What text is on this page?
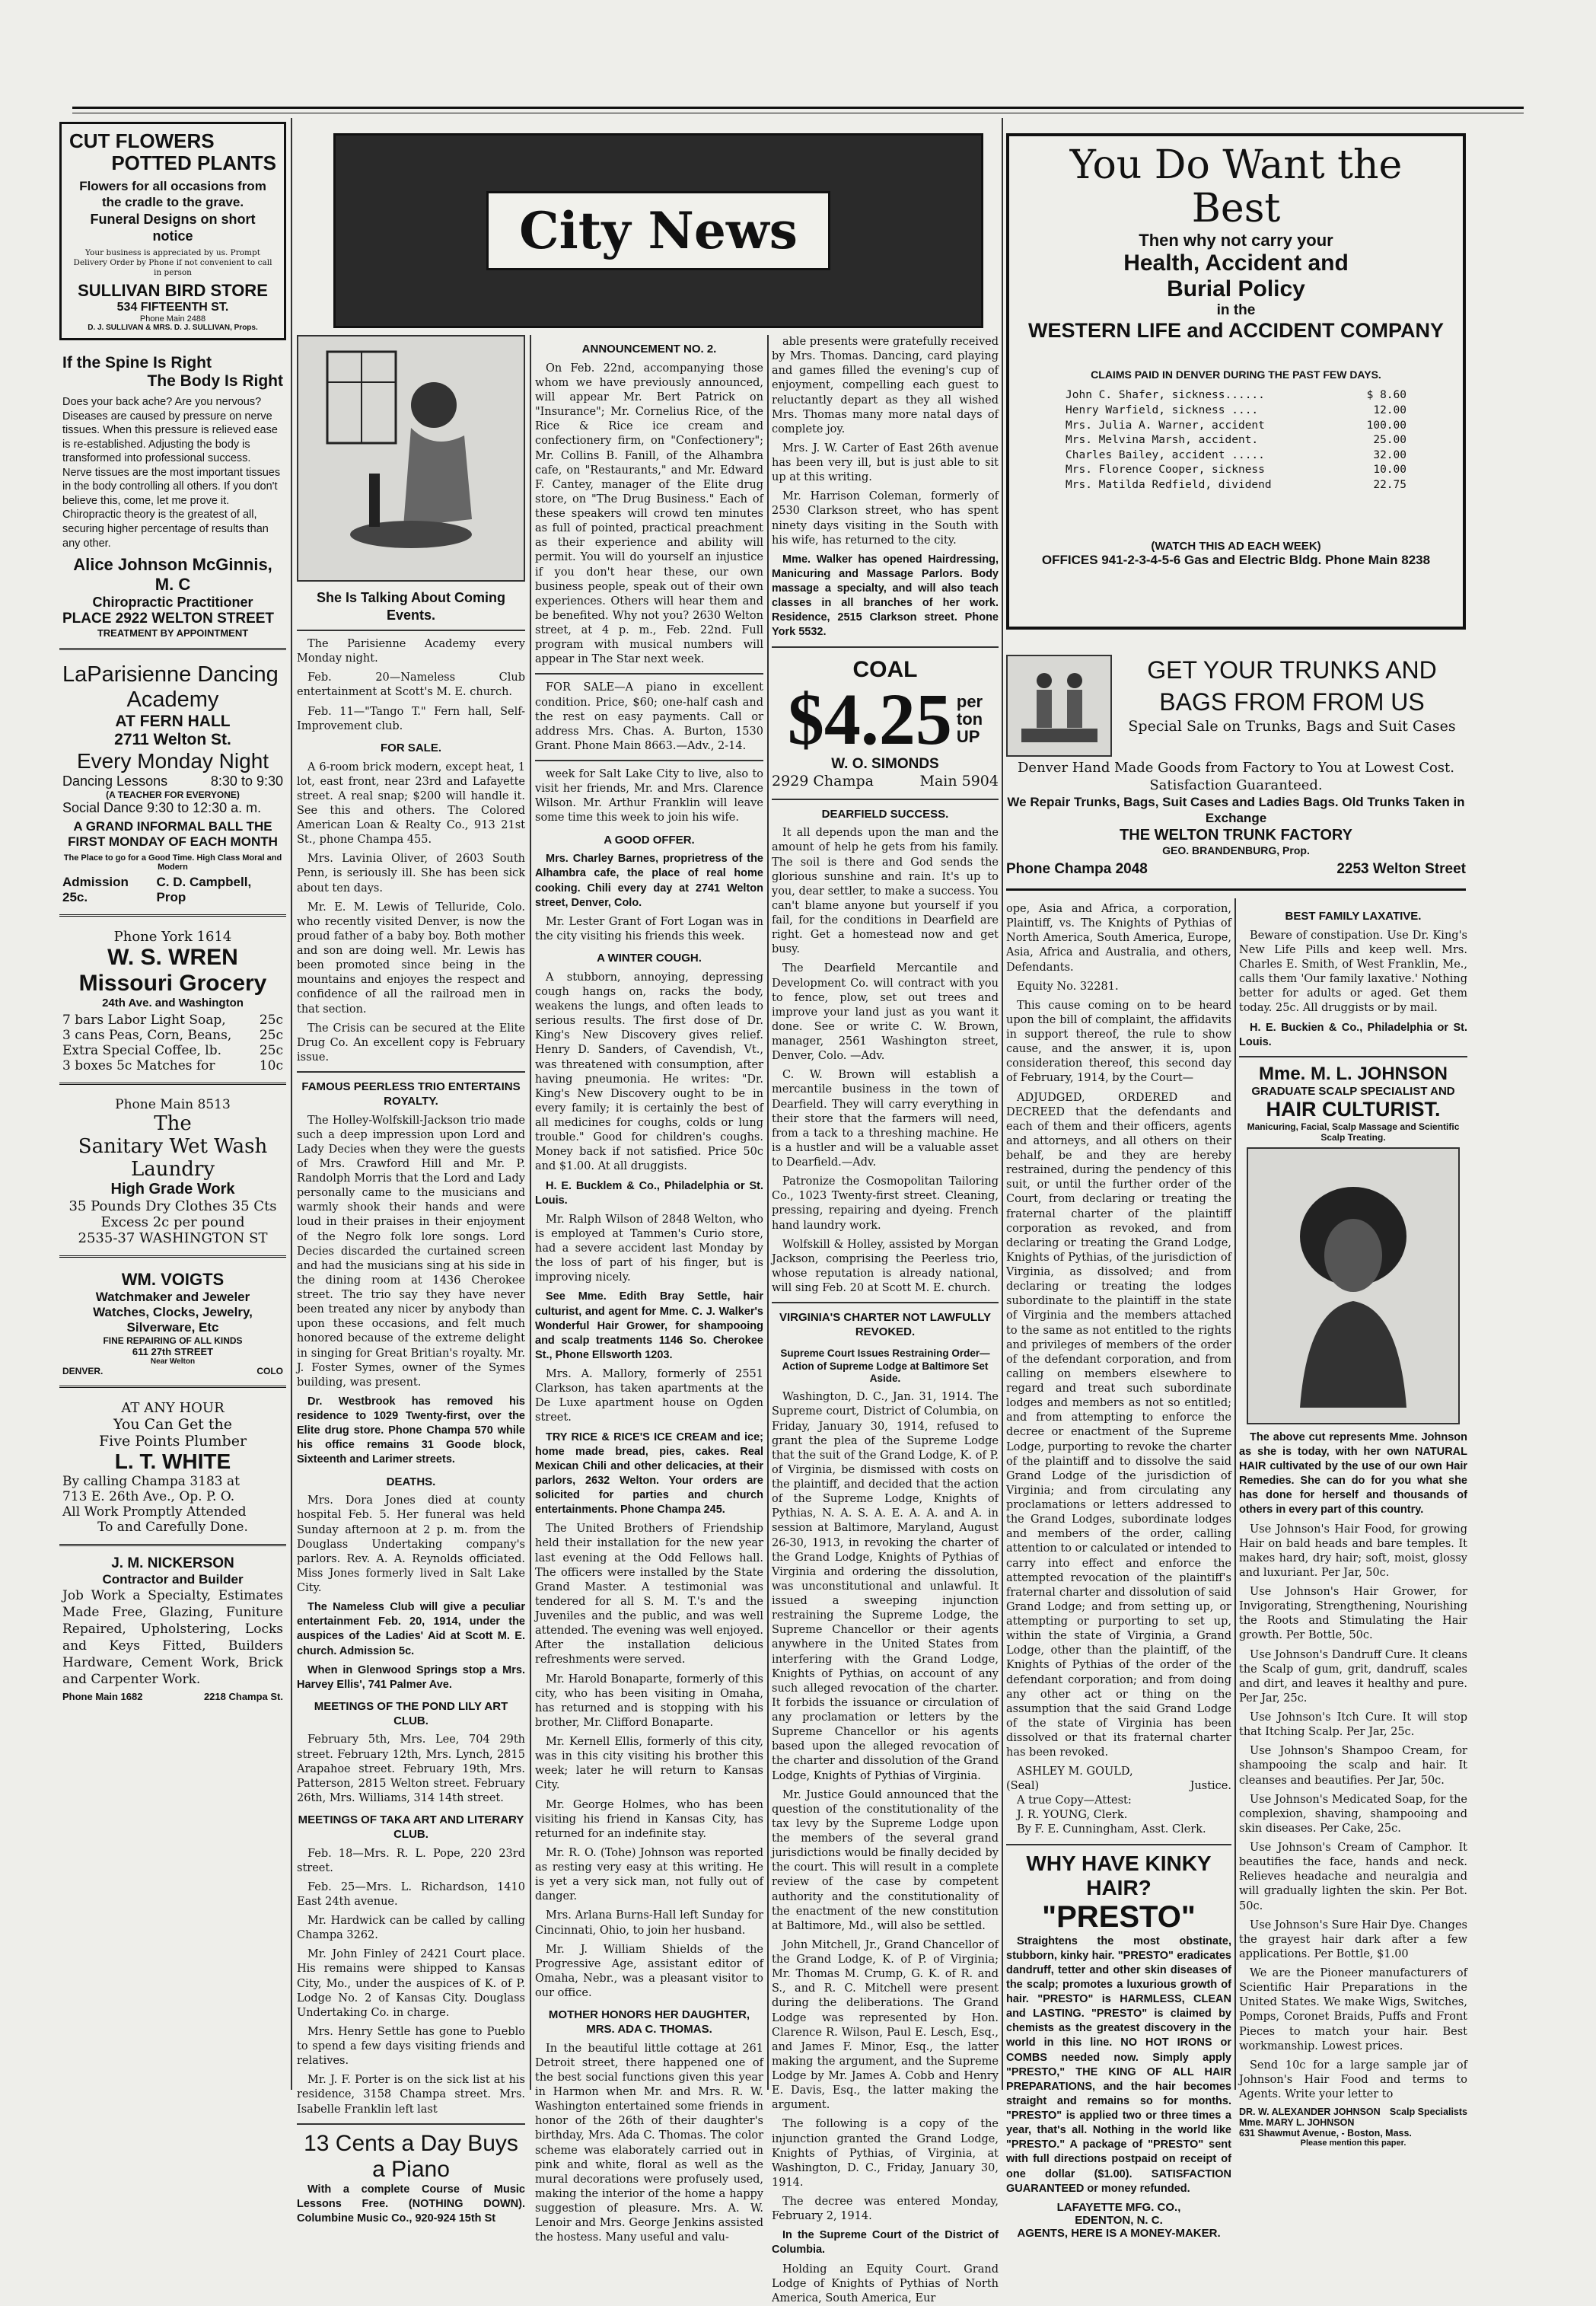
City News
CUT FLOWERS
POTTED PLANTS
Flowers for all occasions from the cradle to the grave.
Funeral Designs on short notice
Your business is appreciated by us. Prompt Delivery Order by Phone if not convenient to call in person
SULLIVAN BIRD STORE
534 FIFTEENTH ST.
Phone Main 2488
D. J. SULLIVAN & MRS. D. J. SULLIVAN, Props.
If the Spine Is Right
The Body Is Right
Does your back ache? Are you nervous? Diseases are caused by pressure on nerve tissues. When this pressure is relieved ease is re-established. Adjusting the body is transformed into professional success. Nerve tissues are the most important tissues in the body controlling all others. If you don't believe this, come, let me prove it. Chiropractic theory is the greatest of all, securing higher percentage of results than any other.
Alice Johnson McGinnis, M. C
Chiropractic Practitioner
PLACE 2922 WELTON STREET
TREATMENT BY APPOINTMENT
LaParisienne Dancing
Academy
AT FERN HALL
2711 Welton St.
Every Monday Night
Dancing Lessons	8:30 to 9:30
(A TEACHER FOR EVERYONE)
Social Dance 9:30 to 12:30 a. m.
A GRAND INFORMAL BALL THE FIRST MONDAY OF EACH MONTH
The Place to go for a Good Time. High Class Moral and Modern
Admission 25c.
C. D. Campbell, Prop
Phone York 1614
W. S. WREN
Missouri Grocery
24th Ave. and Washington
7 bars Labor Light Soap,	25c
3 cans Peas, Corn, Beans, 25c
Extra Special Coffee, lb.	25c
3 boxes 5c Matches for	10c
Phone Main 8513
The
Sanitary Wet Wash
Laundry
High Grade Work
35 Pounds Dry Clothes 35 Cts
Excess 2c per pound
2535-37 WASHINGTON ST
WM. VOIGTS
Watchmaker and Jeweler
Watches, Clocks, Jewelry,
Silverware, Etc
FINE REPAIRING OF ALL KINDS
611 27th STREET
Near Welton
DENVER.	COLO
AT ANY HOUR
You Can Get the
Five Points Plumber
L. T. WHITE
By calling Champa 3183 at
713 E. 26th Ave., Op. P. O.
All Work Promptly Attended
To and Carefully Done.
J. M. NICKERSON
Contractor and Builder
Job Work a Specialty, Estimates Made Free, Glazing, Funiture Repaired, Upholstering, Locks and Keys Fitted, Builders Hardware, Cement Work, Brick and Carpenter Work.
Phone Main 1682	2218 Champa St.
She Is Talking About Coming Events.

The Parisienne Academy every Monday night.

Feb. 20—Nameless Club entertainment at Scott's M. E. church.

Feb. 11—"Tango T." Fern hall, Self-Improvement club.

FOR SALE.

A 6-room brick modern, except heat, 1 lot, east front, near 23rd and Lafayette street. A real snap; $200 will handle it. See this and others. The Colored American Loan & Realty Co., 913 21st St., phone Champa 455.

Mrs. Lavinia Oliver, of 2603 South Penn, is seriously ill. She has been sick about ten days.

Mr. E. M. Lewis of Telluride, Colo. who recently visited Denver, is now the proud father of a baby boy. Both mother and son are doing well. Mr. Lewis has been promoted since being in the mountains and enjoyes the respect and confidence of all the railroad men in that section.

The Crisis can be secured at the Elite Drug Co. An excellent copy is February issue.

FAMOUS PEERLESS TRIO ENTERTAINS ROYALTY.

The Holley-Wolfskill-Jackson trio made such a deep impression upon Lord and Lady Decies when they were the guests of Mrs. Crawford Hill and Mr. P. Randolph Morris that the Lord and Lady personally came to the musicians and warmly shook their hands and were loud in their praises in their enjoyment of the Negro folk lore songs. Lord Decies discarded the curtained screen and had the musicians sing at his side in the dining room at 1436 Cherokee street. The trio say they have never been treated any nicer by anybody than upon these occasions, and felt much honored because of the extreme delight in singing for Great Britian's royalty. Mr. J. Foster Symes, owner of the Symes building, was present.

Dr. Westbrook has removed his residence to 1029 Twenty-first, over the Elite drug store. Phone Champa 570 while his office remains 31 Goode block, Sixteenth and Larimer streets.

DEATHS.

Mrs. Dora Jones died at county hospital Feb. 5. Her funeral was held Sunday afternoon at 2 p. m. from the Douglass Undertaking company's parlors. Rev. A. A. Reynolds officiated. Miss Jones formerly lived in Salt Lake City.

The Nameless Club will give a peculiar entertainment Feb. 20, 1914, under the auspices of the Ladies' Aid at Scott M. E. church. Admission 5c.

When in Glenwood Springs stop a Mrs. Harvey Ellis', 741 Palmer Ave.

MEETINGS OF THE POND LILY ART CLUB.

February 5th, Mrs. Lee, 704 29th street. February 12th, Mrs. Lynch, 2815 Arapahoe street. February 19th, Mrs. Patterson, 2815 Welton street. February 26th, Mrs. Williams, 314 14th street.

MEETINGS OF TAKA ART AND LITERARY CLUB.

Feb. 18—Mrs. R. L. Pope, 220 23rd street.

Feb. 25—Mrs. L. Richardson, 1410 East 24th avenue.

Mr. Hardwick can be called by calling Champa 3262.

Mr. John Finley of 2421 Court place. His remains were shipped to Kansas City, Mo., under the auspices of K. of P. Lodge No. 2 of Kansas City. Douglass Undertaking Co. in charge.

Mrs. Henry Settle has gone to Pueblo to spend a few days visiting friends and relatives.

Mr. J. F. Porter is on the sick list at his residence, 3158 Champa street. Mrs. Isabelle Franklin left last

13 Cents a Day Buys
a Piano

With a complete Course of Music Lessons Free. (NOTHING DOWN). Columbine Music Co., 920-924 15th St

ANNOUNCEMENT NO. 2.

On Feb. 22nd, accompanying those whom we have previously announced, will appear Mr. Bert Patrick on "Insurance"; Mr. Cornelius Rice, of the Rice & Rice ice cream and confectionery firm, on "Confectionery"; Mr. Collins B. Fanill, of the Alhambra cafe, on "Restaurants," and Mr. Edward F. Cantey, manager of the Elite drug store, on "The Drug Business." Each of these speakers will crowd ten minutes as full of pointed, practical preachment as their experience and ability will permit. You will do yourself an injustice if you don't hear these, our own business people, speak out of their own experiences. Others will hear them and be benefited. Why not you? 2630 Welton street, at 4 p. m., Feb. 22nd. Full program with musical numbers will appear in The Star next week.

FOR SALE—A piano in excellent condition. Price, $60; one-half cash and the rest on easy payments. Call or address Mrs. Chas. A. Burton, 1530 Grant. Phone Main 8663.—Adv., 2-14.

week for Salt Lake City to live, also to visit her friends, Mr. and Mrs. Clarence Wilson. Mr. Arthur Franklin will leave some time this week to join his wife.

A GOOD OFFER.

Mrs. Charley Barnes, proprietress of the Alhambra cafe, the place of real home cooking. Chili every day at 2741 Welton street, Denver, Colo.

Mr. Lester Grant of Fort Logan was in the city visiting his friends this week.

A WINTER COUGH.

A stubborn, annoying, depressing cough hangs on, racks the body, weakens the lungs, and often leads to serious results. The first dose of Dr. King's New Discovery gives relief. Henry D. Sanders, of Cavendish, Vt., was threatened with consumption, after having pneumonia. He writes: "Dr. King's New Discovery ought to be in every family; it is certainly the best of all medicines for coughs, colds or lung trouble." Good for children's coughs. Money back if not satisfied. Price 50c and $1.00. At all druggists.

H. E. Bucklem & Co., Philadelphia or St. Louis.

Mr. Ralph Wilson of 2848 Welton, who is employed at Tammen's Curio store, had a severe accident last Monday by the loss of part of his finger, but is improving nicely.

See Mme. Edith Bray Settle, hair culturist, and agent for Mme. C. J. Walker's Wonderful Hair Grower, for shampooing and scalp treatments 1146 So. Cherokee St., Phone Ellsworth 1203.

Mrs. A. Mallory, formerly of 2551 Clarkson, has taken apartments at the De Luxe apartment house on Ogden street.

TRY RICE & RICE'S ICE CREAM and ice; home made bread, pies, cakes. Real Mexican Chili and other delicacies, at their parlors, 2632 Welton. Your orders are solicited for parties and church entertainments. Phone Champa 245.

The United Brothers of Friendship held their installation for the new year last evening at the Odd Fellows hall. The officers were installed by the State Grand Master. A testimonial was tendered for all S. M. T.'s and the Juveniles and the public, and was well attended. The evening was well enjoyed. After the installation delicious refreshments were served.

Mr. Harold Bonaparte, formerly of this city, who has been visiting in Omaha, has returned and is stopping with his brother, Mr. Clifford Bonaparte.

Mr. Kernell Ellis, formerly of this city, was in this city visiting his brother this week; later he will return to Kansas City.

Mr. George Holmes, who has been visiting his friend in Kansas City, has returned for an indefinite stay.

Mr. R. O. (Tohe) Johnson was reported as resting very easy at this writing. He is yet a very sick man, not fully out of danger.

Mrs. Arlana Burns-Hall left Sunday for Cincinnati, Ohio, to join her husband.

Mr. J. William Shields of the Progressive Age, assistant editor of Omaha, Nebr., was a pleasant visitor to our office.

MOTHER HONORS HER DAUGHTER, MRS. ADA C. THOMAS.

In the beautiful little cottage at 261 Detroit street, there happened one of the best social functions given this year in Harmon when Mr. and Mrs. R. W. Washington entertained some friends in honor of the 26th of their daughter's birthday, Mrs. Ada C. Thomas. The color scheme was elaborately carried out in pink and white, floral as well as the mural decorations were profusely used, making the interior of the home a happy suggestion of pleasure. Mrs. A. W. Lenoir and Mrs. George Jenkins assisted the hostess. Many useful and valu-

able presents were gratefully received by Mrs. Thomas. Dancing, card playing and games filled the evening's cup of enjoyment, compelling each guest to reluctantly depart as they all wished Mrs. Thomas many more natal days of complete joy.

Mrs. J. W. Carter of East 26th avenue has been very ill, but is just able to sit up at this writing.

Mr. Harrison Coleman, formerly of 2530 Clarkson street, who has spent ninety days visiting in the South with his wife, has returned to the city.

Mme. Walker has opened Hairdressing, Manicuring and Massage Parlors. Body massage a specialty, and will also teach classes in all branches of her work. Residence, 2515 Clarkson street. Phone York 5532.

COAL
$4.25 per
ton
UP
W. O. SIMONDS
2929 Champa	Main 5904
DEARFIELD SUCCESS.

It all depends upon the man and the amount of help he gets from his family. The soil is there and God sends the glorious sunshine and rain. It's up to you, dear settler, to make a success. You can't blame anyone but yourself if you fail, for the conditions in Dearfield are right. Get a homestead now and get busy.

The Dearfield Mercantile and Development Co. will contract with you to fence, plow, set out trees and improve your land just as you want it done. See or write C. W. Brown, manager, 2561 Washington street, Denver, Colo. —Adv.

C. W. Brown will establish a mercantile business in the town of Dearfield. They will carry everything in their store that the farmers will need, from a tack to a threshing machine. He is a hustler and will be a valuable asset to Dearfield.—Adv.

Patronize the Cosmopolitan Tailoring Co., 1023 Twenty-first street. Cleaning, pressing, repairing and dyeing. French hand laundry work.

Wolfskill & Holley, assisted by Morgan Jackson, comprising the Peerless trio, whose reputation is already national, will sing Feb. 20 at Scott M. E. church.

VIRGINIA'S CHARTER NOT LAWFULLY REVOKED.
Supreme Court Issues Restraining Order—Action of Supreme Lodge at Baltimore Set Aside.

Washington, D. C., Jan. 31, 1914. The Supreme court, District of Columbia, on Friday, January 30, 1914, refused to grant the plea of the Supreme Lodge that the suit of the Grand Lodge, K. of P. of Virginia, be dismissed with costs on the plaintiff, and decided that the action of the Supreme Lodge, Knights of Pythias, N. A. S. A. E. A. A. and A. in session at Baltimore, Maryland, August 26-30, 1913, in revoking the charter of the Grand Lodge, Knights of Pythias of Virginia and ordering the dissolution, was unconstitutional and unlawful. It issued a sweeping injunction restraining the Supreme Lodge, the Supreme Chancellor or their agents anywhere in the United States from interfering with the Grand Lodge, Knights of Pythias, on account of any such alleged revocation of the charter. It forbids the issuance or circulation of any proclamation or letters by the Supreme Chancellor or his agents based upon the alleged revocation of the charter and dissolution of the Grand Lodge, Knights of Pythias of Virginia.

Mr. Justice Gould announced that the question of the constitutionality of the tax levy by the Supreme Lodge upon the members of the several grand jurisdictions would be finally decided by the court. This will result in a complete review of the case by competent authority and the constitutionality of the enactment of the new constitution at Baltimore, Md., will also be settled.

John Mitchell, Jr., Grand Chancellor of the Grand Lodge, K. of P. of Virginia; Mr. Thomas M. Crump, G. K. of R. and S., and R. C. Mitchell were present during the deliberations. The Grand Lodge was represented by Hon. Clarence R. Wilson, Paul E. Lesch, Esq., and James F. Minor, Esq., the latter making the argument, and the Supreme Lodge by Mr. James A. Cobb and Henry E. Davis, Esq., the latter making the argument.

The following is a copy of the injunction granted the Grand Lodge, Knights of Pythias, of Virginia, at Washington, D. C., Friday, January 30, 1914.

The decree was entered Monday, February 2, 1914.

In the Supreme Court of the District of Columbia.

Holding an Equity Court. Grand Lodge of Knights of Pythias of North America, South America, Eur

You Do Want the Best
Then why not carry your
Health, Accident and
Burial Policy
in the
WESTERN LIFE and ACCIDENT COMPANY
CLAIMS PAID IN DENVER DURING THE PAST FEW DAYS.
John C. Shafer, sickness......	$ 8.60
Henry Warfield, sickness ....	12.00
Mrs. Julia A. Warner, accident	100.00
Mrs. Melvina Marsh, accident.	25.00
Charles Bailey, accident .....	32.00
Mrs. Florence Cooper, sickness	10.00
Mrs. Matilda Redfield, dividend	22.75
(WATCH THIS AD EACH WEEK)
OFFICES 941-2-3-4-5-6 Gas and Electric Bldg. Phone Main 8238
GET YOUR TRUNKS AND
BAGS FROM FROM US
Special Sale on Trunks, Bags and Suit Cases
Denver Hand Made Goods from Factory to You at Lowest Cost. Satisfaction Guaranteed.
We Repair Trunks, Bags, Suit Cases and Ladies Bags. Old Trunks Taken in Exchange
THE WELTON TRUNK FACTORY
GEO. BRANDENBURG, Prop.
Phone Champa 2048	2253 Welton Street

ope, Asia and Africa, a corporation, Plaintiff, vs. The Knights of Pythias of North America, South America, Europe, Asia, Africa and Australia, and others, Defendants.

Equity No. 32281.

This cause coming on to be heard upon the bill of complaint, the affidavits in support thereof, the rule to show cause, and the answer, it is, upon consideration thereof, this second day of February, 1914, by the Court—

ADJUDGED, ORDERED and DECREED that the defendants and each of them and their officers, agents and attorneys, and all others on their behalf, be and they are hereby restrained, during the pendency of this suit, or until the further order of the Court, from declaring or treating the fraternal charter of the plaintiff corporation as revoked, and from declaring or treating the Grand Lodge, Knights of Pythias, of the jurisdiction of Virginia, as dissolved; and from declaring or treating the lodges subordinate to the plaintiff in the state of Virginia and the members attached to the same as not entitled to the rights and privileges of members of the order of the defendant corporation, and from calling on members elsewhere to regard and treat such subordinate lodges and members as not so entitled; and from attempting to enforce the decree or enactment of the Supreme Lodge, purporting to revoke the charter of the plaintiff and to dissolve the said Grand Lodge of the jurisdiction of Virginia; and from circulating any proclamations or letters addressed to the Grand Lodges, subordinate lodges and members of the order, calling attention to or calculated or intended to carry into effect and enforce the attempted revocation of the plaintiff's fraternal charter and dissolution of said Grand Lodge; and from setting up, or attempting or purporting to set up, within the state of Virginia, a Grand Lodge, other than the plaintiff, of the Knights of Pythias of the order of the defendant corporation; and from doing any other act or thing on the assumption that the said Grand Lodge of the state of Virginia has been dissolved or that its fraternal charter has been revoked.

ASHLEY M. GOULD,

(Seal)	Justice.

A true Copy—Attest:

J. R. YOUNG, Clerk.

By F. E. Cunningham, Asst. Clerk.

WHY HAVE KINKY HAIR?
"PRESTO"

Straightens the most obstinate, stubborn, kinky hair. "PRESTO" eradicates dandruff, tetter and other skin diseases of the scalp; promotes a luxurious growth of hair. "PRESTO" is HARMLESS, CLEAN and LASTING. "PRESTO" is claimed by chemists as the greatest discovery in the world in this line. NO HOT IRONS or COMBS needed now. Simply apply "PRESTO," THE KING OF ALL HAIR PREPARATIONS, and the hair becomes straight and remains so for months. "PRESTO" is applied two or three times a year, that's all. Nothing in the world like "PRESTO." A package of "PRESTO" sent with full directions postpaid on receipt of one dollar ($1.00). SATISFACTION GUARANTEED or money refunded.

LAFAYETTE MFG. CO.,
EDENTON, N. C.
AGENTS, HERE IS A MONEY-MAKER.
BEST FAMILY LAXATIVE.

Beware of constipation. Use Dr. King's New Life Pills and keep well. Mrs. Charles E. Smith, of West Franklin, Me., calls them 'Our family laxative.' Nothing better for adults or aged. Get them today. 25c. All druggists or by mail.

H. E. Buckien & Co., Philadelphia or St. Louis.

Mme. M. L. JOHNSON
GRADUATE SCALP SPECIALIST AND
HAIR CULTURIST.
Manicuring, Facial, Scalp Massage and Scientific Scalp Treating.

The above cut represents Mme. Johnson as she is today, with her own NATURAL HAIR cultivated by the use of our own Hair Remedies. She can do for you what she has done for herself and thousands of others in every part of this country.

Use Johnson's Hair Food, for growing Hair on bald heads and bare temples. It makes hard, dry hair; soft, moist, glossy and luxuriant. Per Jar, 50c.

Use Johnson's Hair Grower, for Invigorating, Strengthening, Nourishing the Roots and Stimulating the Hair growth. Per Bottle, 50c.

Use Johnson's Dandruff Cure. It cleans the Scalp of gum, grit, dandruff, scales and dirt, and leaves it healthy and pure. Per Jar, 25c.

Use Johnson's Itch Cure. It will stop that Itching Scalp. Per Jar, 25c.

Use Johnson's Shampoo Cream, for shampooing the scalp and hair. It cleanses and beautifies. Per Jar, 50c.

Use Johnson's Medicated Soap, for the complexion, shaving, shampooing and skin diseases. Per Cake, 25c.

Use Johnson's Cream of Camphor. It beautifies the face, hands and neck. Relieves headache and neuralgia and will gradually lighten the skin. Per Bot. 50c.

Use Johnson's Sure Hair Dye. Changes the grayest hair dark after a few applications. Per Bottle, $1.00

We are the Pioneer manufacturers of Scientific Hair Preparations in the United States. We make Wigs, Switches, Pomps, Coronet Braids, Puffs and Front Pieces to match your hair. Best workmanship. Lowest prices.

Send 10c for a large sample jar of Johnson's Hair Food and terms to Agents. Write your letter to

DR. W. ALEXANDER JOHNSON Scalp Specialists
Mme. MARY L. JOHNSON
631 Shawmut Avenue, - Boston, Mass.
Please mention this paper.
